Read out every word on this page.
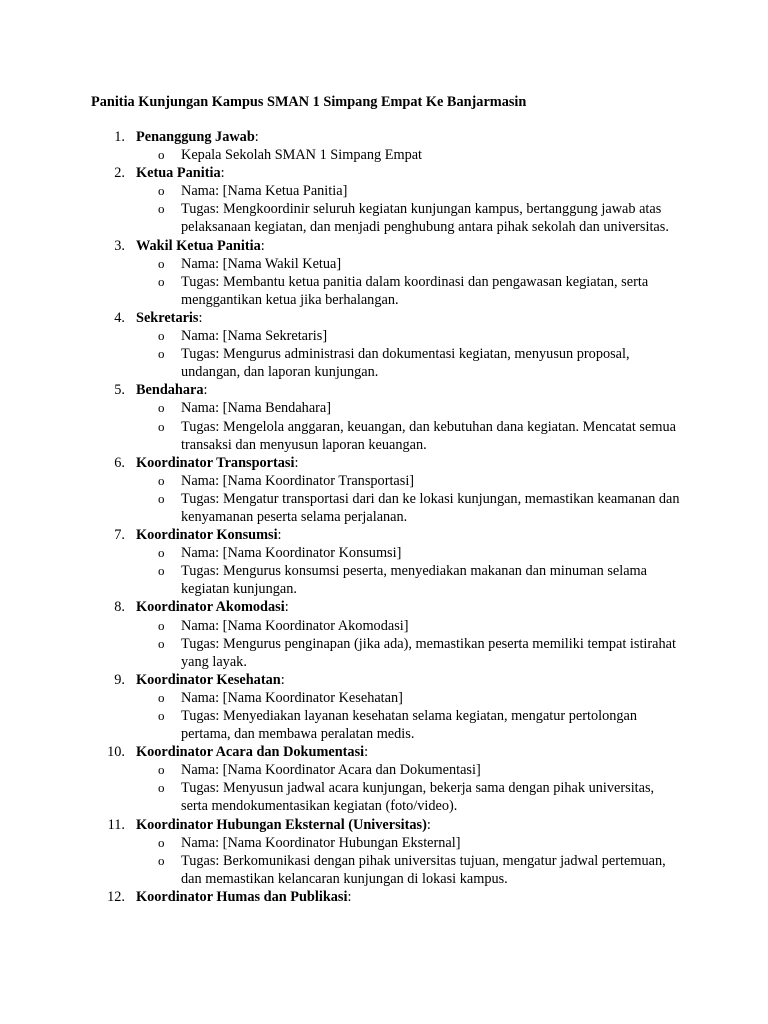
Panitia Kunjungan Kampus SMAN 1 Simpang Empat Ke Banjarmasin
1. Penanggung Jawab:
o Kepala Sekolah SMAN 1 Simpang Empat
2. Ketua Panitia:
o Nama: [Nama Ketua Panitia]
o Tugas: Mengkoordinir seluruh kegiatan kunjungan kampus, bertanggung jawab atas pelaksanaan kegiatan, dan menjadi penghubung antara pihak sekolah dan universitas.
3. Wakil Ketua Panitia:
o Nama: [Nama Wakil Ketua]
o Tugas: Membantu ketua panitia dalam koordinasi dan pengawasan kegiatan, serta menggantikan ketua jika berhalangan.
4. Sekretaris:
o Nama: [Nama Sekretaris]
o Tugas: Mengurus administrasi dan dokumentasi kegiatan, menyusun proposal, undangan, dan laporan kunjungan.
5. Bendahara:
o Nama: [Nama Bendahara]
o Tugas: Mengelola anggaran, keuangan, dan kebutuhan dana kegiatan. Mencatat semua transaksi dan menyusun laporan keuangan.
6. Koordinator Transportasi:
o Nama: [Nama Koordinator Transportasi]
o Tugas: Mengatur transportasi dari dan ke lokasi kunjungan, memastikan keamanan dan kenyamanan peserta selama perjalanan.
7. Koordinator Konsumsi:
o Nama: [Nama Koordinator Konsumsi]
o Tugas: Mengurus konsumsi peserta, menyediakan makanan dan minuman selama kegiatan kunjungan.
8. Koordinator Akomodasi:
o Nama: [Nama Koordinator Akomodasi]
o Tugas: Mengurus penginapan (jika ada), memastikan peserta memiliki tempat istirahat yang layak.
9. Koordinator Kesehatan:
o Nama: [Nama Koordinator Kesehatan]
o Tugas: Menyediakan layanan kesehatan selama kegiatan, mengatur pertolongan pertama, dan membawa peralatan medis.
10. Koordinator Acara dan Dokumentasi:
o Nama: [Nama Koordinator Acara dan Dokumentasi]
o Tugas: Menyusun jadwal acara kunjungan, bekerja sama dengan pihak universitas, serta mendokumentasikan kegiatan (foto/video).
11. Koordinator Hubungan Eksternal (Universitas):
o Nama: [Nama Koordinator Hubungan Eksternal]
o Tugas: Berkomunikasi dengan pihak universitas tujuan, mengatur jadwal pertemuan, dan memastikan kelancaran kunjungan di lokasi kampus.
12. Koordinator Humas dan Publikasi:
